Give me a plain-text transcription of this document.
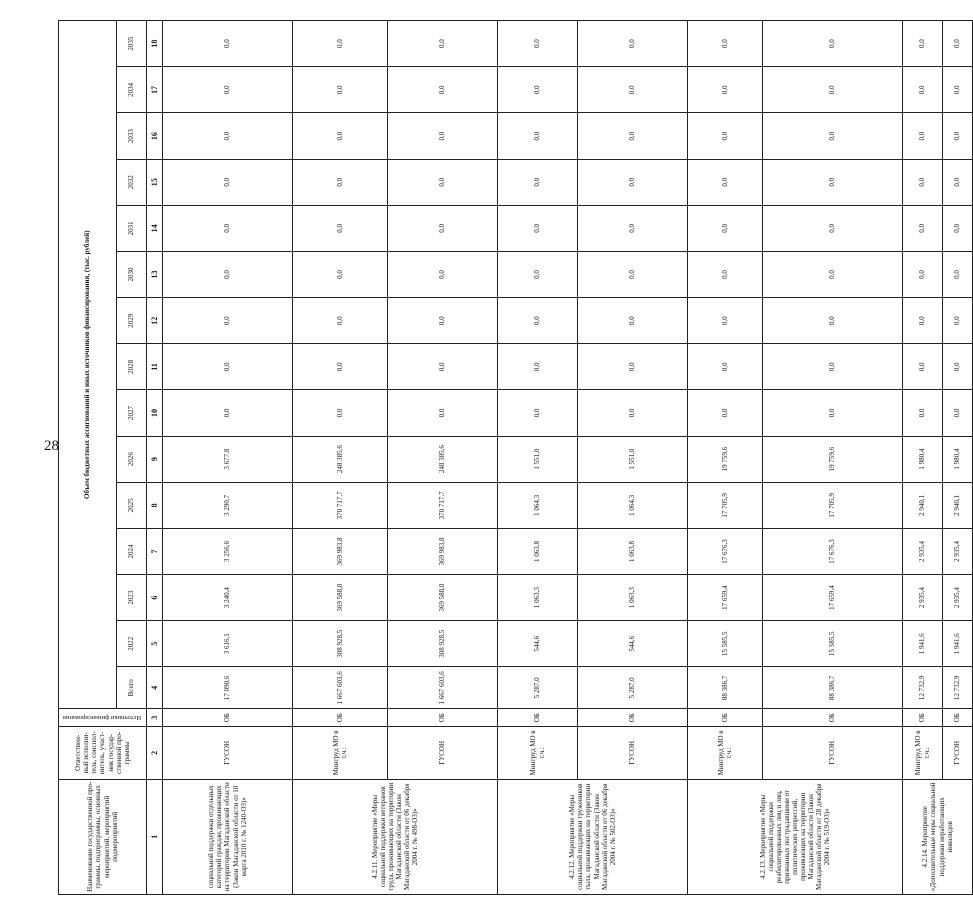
28
Наименование государственной про-граммы, подпрограммы, основных мероприятий, мероприятий подмероприятий	Ответствен-ный исполни-тель, соиспол-нитель, участ-ник государ-ственной про-граммы	Источники финансирования	Объем бюджетных ассигнований и иных источников финансирования, (тыс. рублей)														
			Всего	2022	2023	2024	2025	2026	2027	2028	2029	2030	2031	2032	2033	2034	2035
1	2	3	4	5	6	7	8	9	10	11	12	13	14	15	16	17	18
социальной поддержки отдельных категорий граждан, проживающих на территории Магаданской области (Закон Магаданской области от 10 марта 2010 г. № 1240-ОЗ)»	ГУСОН	ОБ	17 090,6	3 616,1	3 240,4	3 256,6	3 290,7	3 677,8	0,0	0,0	0,0	0,0	0,0	0,0	0,0	0,0	0,0
4.2.11. Мероприятие «Меры социальной поддержки ветеранов труда, проживающих на территории Магаданской области (Закон Магаданской области от 06 декабря 2004 г. № 498-ОЗ)»	Минтруд МО в т.ч.:	ОБ	1 667 603,6	308 928,5	369 588,0	369 983,8	370 717,7	248 385,6	0,0	0,0	0,0	0,0	0,0	0,0	0,0	0,0	0,0
	ГУСОН	ОБ	1 667 603,6	308 928,5	369 588,0	369 983,8	370 717,7	248 385,6	0,0	0,0	0,0	0,0	0,0	0,0	0,0	0,0	0,0
4.2.12. Мероприятие «Меры социальной поддержки тружеников тыла, проживающих на территории Магаданской области (Закон Магаданской области от 06 декабря 2004 г. № 502-ОЗ)»	Минтруд МО в т.ч.:	ОБ	5 287,0	544,6	1 063,3	1 063,8	1 064,3	1 551,0	0,0	0,0	0,0	0,0	0,0	0,0	0,0	0,0	0,0
	ГУСОН	ОБ	5 287,0	544,6	1 063,3	1 063,8	1 064,3	1 551,0	0,0	0,0	0,0	0,0	0,0	0,0	0,0	0,0	0,0
4.2.13. Мероприятие «Меры социальной поддержки реабилитированных лиц и лиц, признанных пострадавшими от политических репрессий, проживающих на территории Магаданской области (Закон Магаданской области от 28 декабря 2004 г. № 519-ОЗ)»	Минтруд МО в т.ч.:	ОБ	88 386,7	15 585,5	17 659,4	17 676,3	17 705,9	19 759,6	0,0	0,0	0,0	0,0	0,0	0,0	0,0	0,0	0,0
	ГУСОН	ОБ	88 386,7	15 585,5	17 659,4	17 676,3	17 705,9	19 759,6	0,0	0,0	0,0	0,0	0,0	0,0	0,0	0,0	0,0
4.2.14. Мероприятие «Дополнительные меры социальной поддержки неработающих инвалидов	Минтруд МО в т.ч.:	ОБ	12 732,9	1 941,6	2 935,4	2 935,4	2 940,1	1 980,4	0,0	0,0	0,0	0,0	0,0	0,0	0,0	0,0	0,0
	ГУСОН	ОБ	12 732,9	1 941,6	2 935,4	2 935,4	2 940,1	1 980,4	0,0	0,0	0,0	0,0	0,0	0,0	0,0	0,0	0,0
